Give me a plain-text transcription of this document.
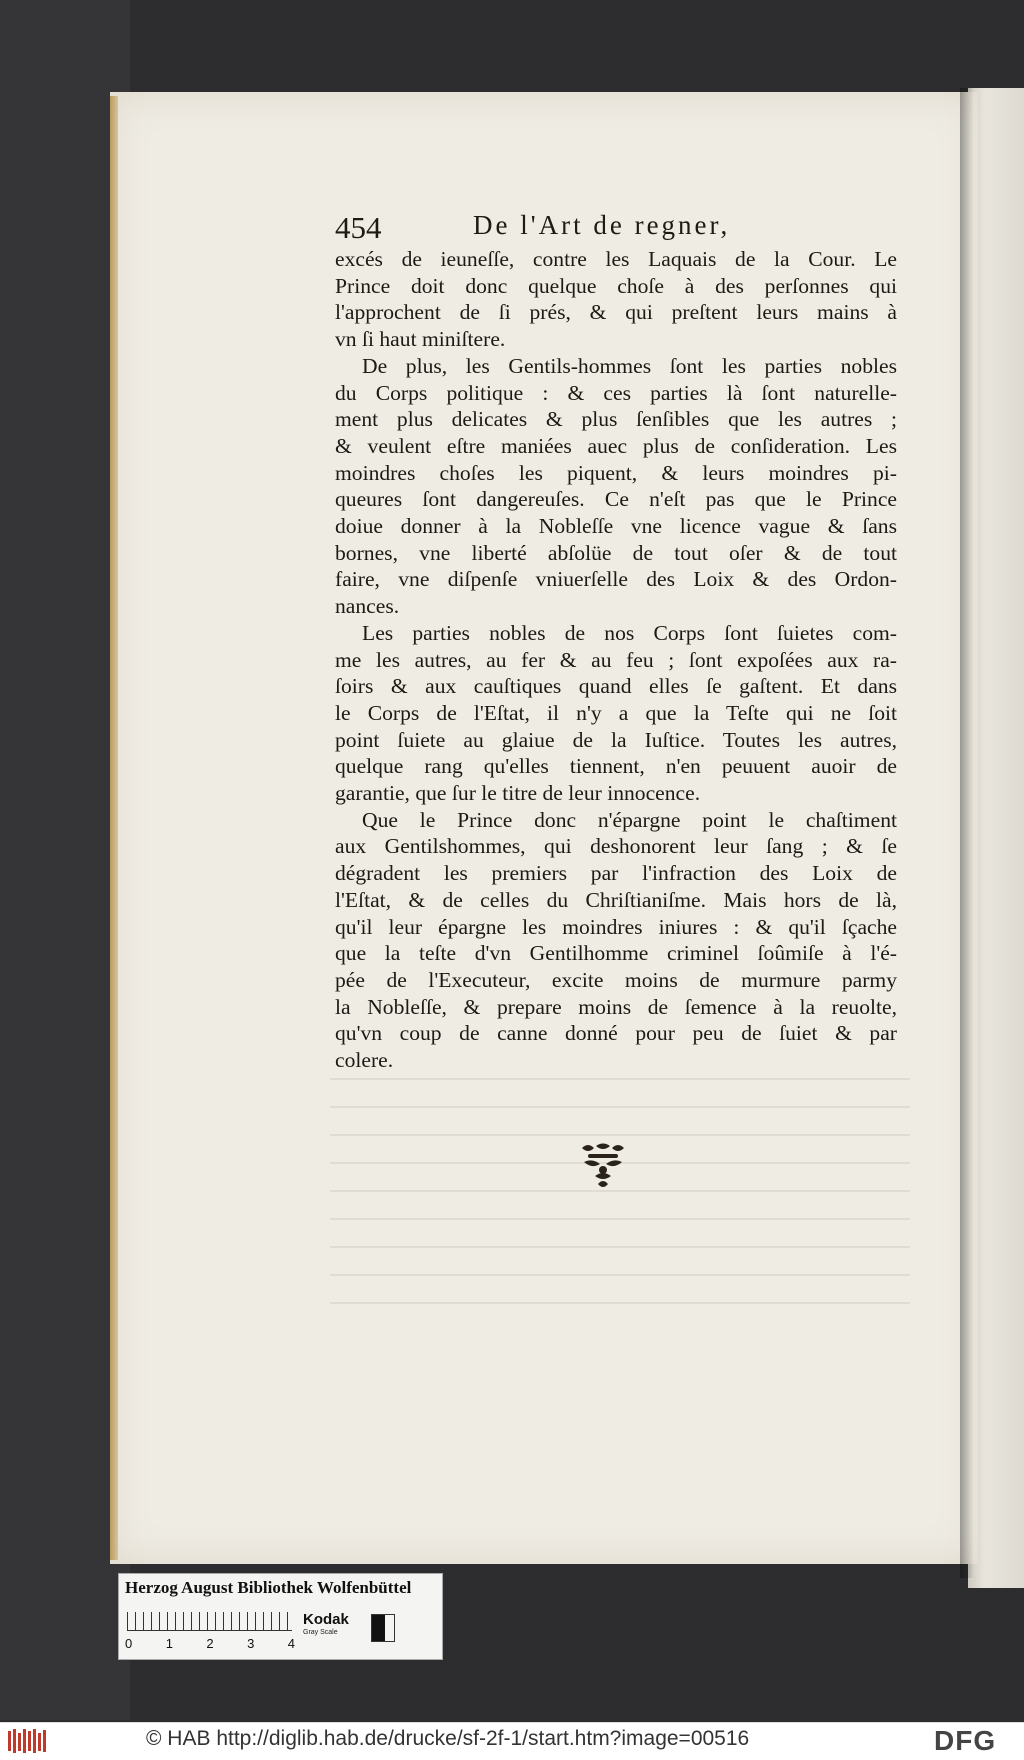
454	De l'Art de regner,
excés de ieuneſſe, contre les Laquais de la Cour. Le
Prince doit donc quelque choſe à des perſonnes qui
l'approchent de ſi prés, & qui preſtent leurs mains à
vn ſi haut miniſtere.
De plus, les Gentils-hommes ſont les parties nobles
du Corps politique : & ces parties là ſont naturelle-
ment plus delicates & plus ſenſibles que les autres ;
& veulent eſtre maniées auec plus de conſideration. Les
moindres choſes les piquent, & leurs moindres pi-
queures ſont dangereuſes. Ce n'eſt pas que le Prince
doiue donner à la Nobleſſe vne licence vague & ſans
bornes, vne liberté abſolüe de tout oſer & de tout
faire, vne diſpenſe vniuerſelle des Loix & des Ordon-
nances.
Les parties nobles de nos Corps ſont ſuietes com-
me les autres, au fer & au feu ; ſont expoſées aux ra-
ſoirs & aux cauſtiques quand elles ſe gaſtent. Et dans
le Corps de l'Eſtat, il n'y a que la Teſte qui ne ſoit
point ſuiete au glaiue de la Iuſtice. Toutes les autres,
quelque rang qu'elles tiennent, n'en peuuent auoir de
garantie, que ſur le titre de leur innocence.
Que le Prince donc n'épargne point le chaſtiment
aux Gentilshommes, qui deshonorent leur ſang ; & ſe
dégradent les premiers par l'infraction des Loix de
l'Eſtat, & de celles du Chriſtianiſme. Mais hors de là,
qu'il leur épargne les moindres iniures : & qu'il ſçache
que la teſte d'vn Gentilhomme criminel ſoûmiſe à l'é-
pée de l'Executeur, excite moins de murmure parmy
la Nobleſſe, & prepare moins de ſemence à la reuolte,
qu'vn coup de canne donné pour peu de ſuiet & par
colere.
Herzog August Bibliothek Wolfenbüttel
0	1	2	3	4
Kodak
Gray Scale
© HAB http://diglib.hab.de/drucke/sf-2f-1/start.htm?image=00516	DFG
